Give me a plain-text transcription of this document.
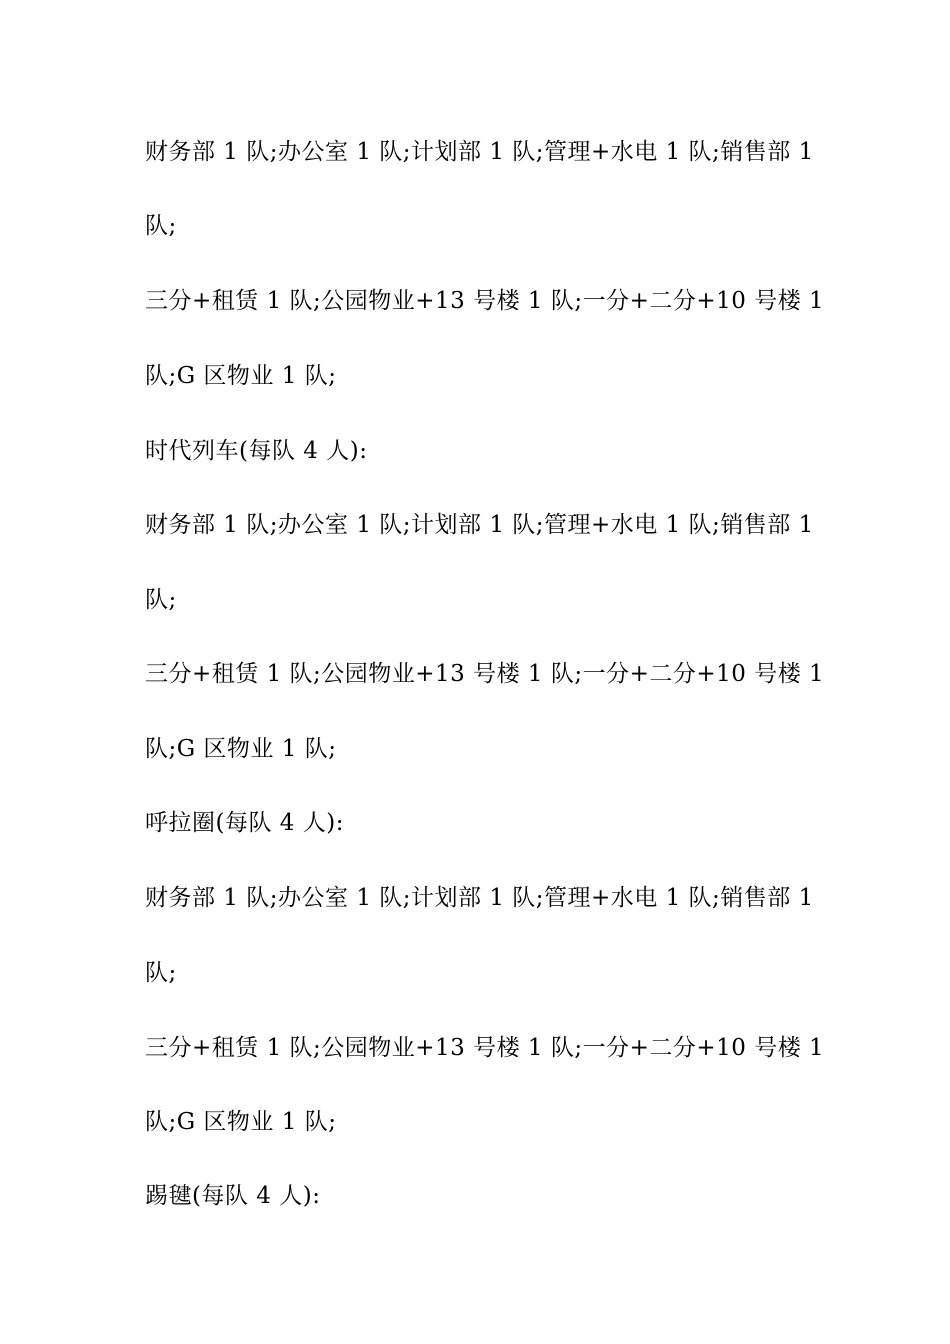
财务部 1 队;办公室 1 队;计划部 1 队;管理+水电 1 队;销售部 1
队;
三分+租赁 1 队;公园物业+13 号楼 1 队;一分+二分+10 号楼 1
队;G 区物业 1 队;
时代列车(每队 4 人):
财务部 1 队;办公室 1 队;计划部 1 队;管理+水电 1 队;销售部 1
队;
三分+租赁 1 队;公园物业+13 号楼 1 队;一分+二分+10 号楼 1
队;G 区物业 1 队;
呼拉圈(每队 4 人):
财务部 1 队;办公室 1 队;计划部 1 队;管理+水电 1 队;销售部 1
队;
三分+租赁 1 队;公园物业+13 号楼 1 队;一分+二分+10 号楼 1
队;G 区物业 1 队;
踢毽(每队 4 人):
